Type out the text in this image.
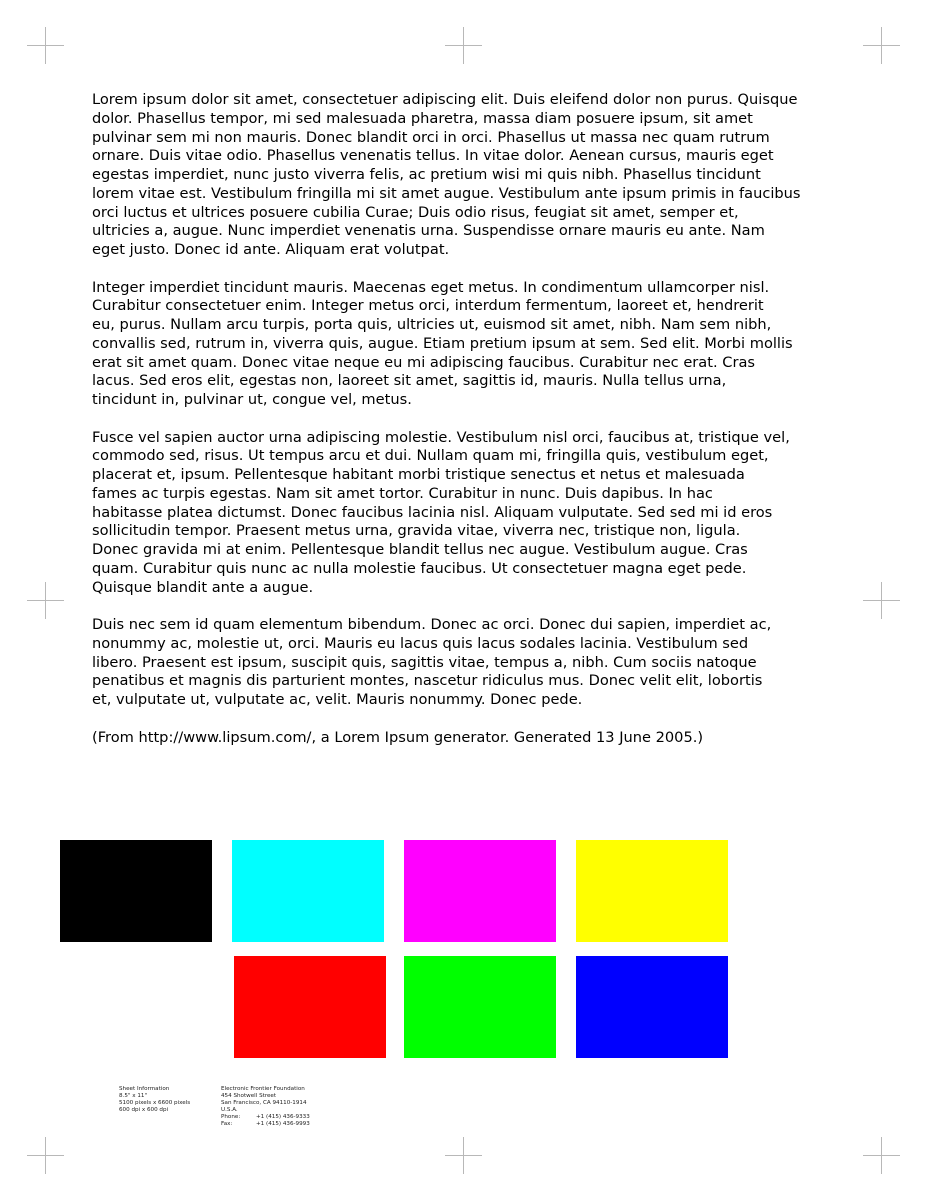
Lorem ipsum dolor sit amet, consectetuer adipiscing elit. Duis eleifend dolor non purus. Quisque
dolor. Phasellus tempor, mi sed malesuada pharetra, massa diam posuere ipsum, sit amet
pulvinar sem mi non mauris. Donec blandit orci in orci. Phasellus ut massa nec quam rutrum
ornare. Duis vitae odio. Phasellus venenatis tellus. In vitae dolor. Aenean cursus, mauris eget
egestas imperdiet, nunc justo viverra felis, ac pretium wisi mi quis nibh. Phasellus tincidunt
lorem vitae est. Vestibulum fringilla mi sit amet augue. Vestibulum ante ipsum primis in faucibus
orci luctus et ultrices posuere cubilia Curae; Duis odio risus, feugiat sit amet, semper et,
ultricies a, augue. Nunc imperdiet venenatis urna. Suspendisse ornare mauris eu ante. Nam
eget justo. Donec id ante. Aliquam erat volutpat.

Integer imperdiet tincidunt mauris. Maecenas eget metus. In condimentum ullamcorper nisl.
Curabitur consectetuer enim. Integer metus orci, interdum fermentum, laoreet et, hendrerit
eu, purus. Nullam arcu turpis, porta quis, ultricies ut, euismod sit amet, nibh. Nam sem nibh,
convallis sed, rutrum in, viverra quis, augue. Etiam pretium ipsum at sem. Sed elit. Morbi mollis
erat sit amet quam. Donec vitae neque eu mi adipiscing faucibus. Curabitur nec erat. Cras
lacus. Sed eros elit, egestas non, laoreet sit amet, sagittis id, mauris. Nulla tellus urna,
tincidunt in, pulvinar ut, congue vel, metus.

Fusce vel sapien auctor urna adipiscing molestie. Vestibulum nisl orci, faucibus at, tristique vel,
commodo sed, risus. Ut tempus arcu et dui. Nullam quam mi, fringilla quis, vestibulum eget,
placerat et, ipsum. Pellentesque habitant morbi tristique senectus et netus et malesuada
fames ac turpis egestas. Nam sit amet tortor. Curabitur in nunc. Duis dapibus. In hac
habitasse platea dictumst. Donec faucibus lacinia nisl. Aliquam vulputate. Sed sed mi id eros
sollicitudin tempor. Praesent metus urna, gravida vitae, viverra nec, tristique non, ligula.
Donec gravida mi at enim. Pellentesque blandit tellus nec augue. Vestibulum augue. Cras
quam. Curabitur quis nunc ac nulla molestie faucibus. Ut consectetuer magna eget pede.
Quisque blandit ante a augue.

Duis nec sem id quam elementum bibendum. Donec ac orci. Donec dui sapien, imperdiet ac,
nonummy ac, molestie ut, orci. Mauris eu lacus quis lacus sodales lacinia. Vestibulum sed
libero. Praesent est ipsum, suscipit quis, sagittis vitae, tempus a, nibh. Cum sociis natoque
penatibus et magnis dis parturient montes, nascetur ridiculus mus. Donec velit elit, lobortis
et, vulputate ut, vulputate ac, velit. Mauris nonummy. Donec pede.

(From http://www.lipsum.com/, a Lorem Ipsum generator. Generated 13 June 2005.)

Sheet Information
8.5" x 11"
5100 pixels x 6600 pixels
600 dpi x 600 dpi
Electronic Frontier Foundation
454 Shotwell Street
San Francisco, CA 94110-1914
U.S.A.
Phone:	+1 (415) 436-9333
Fax:	+1 (415) 436-9993
